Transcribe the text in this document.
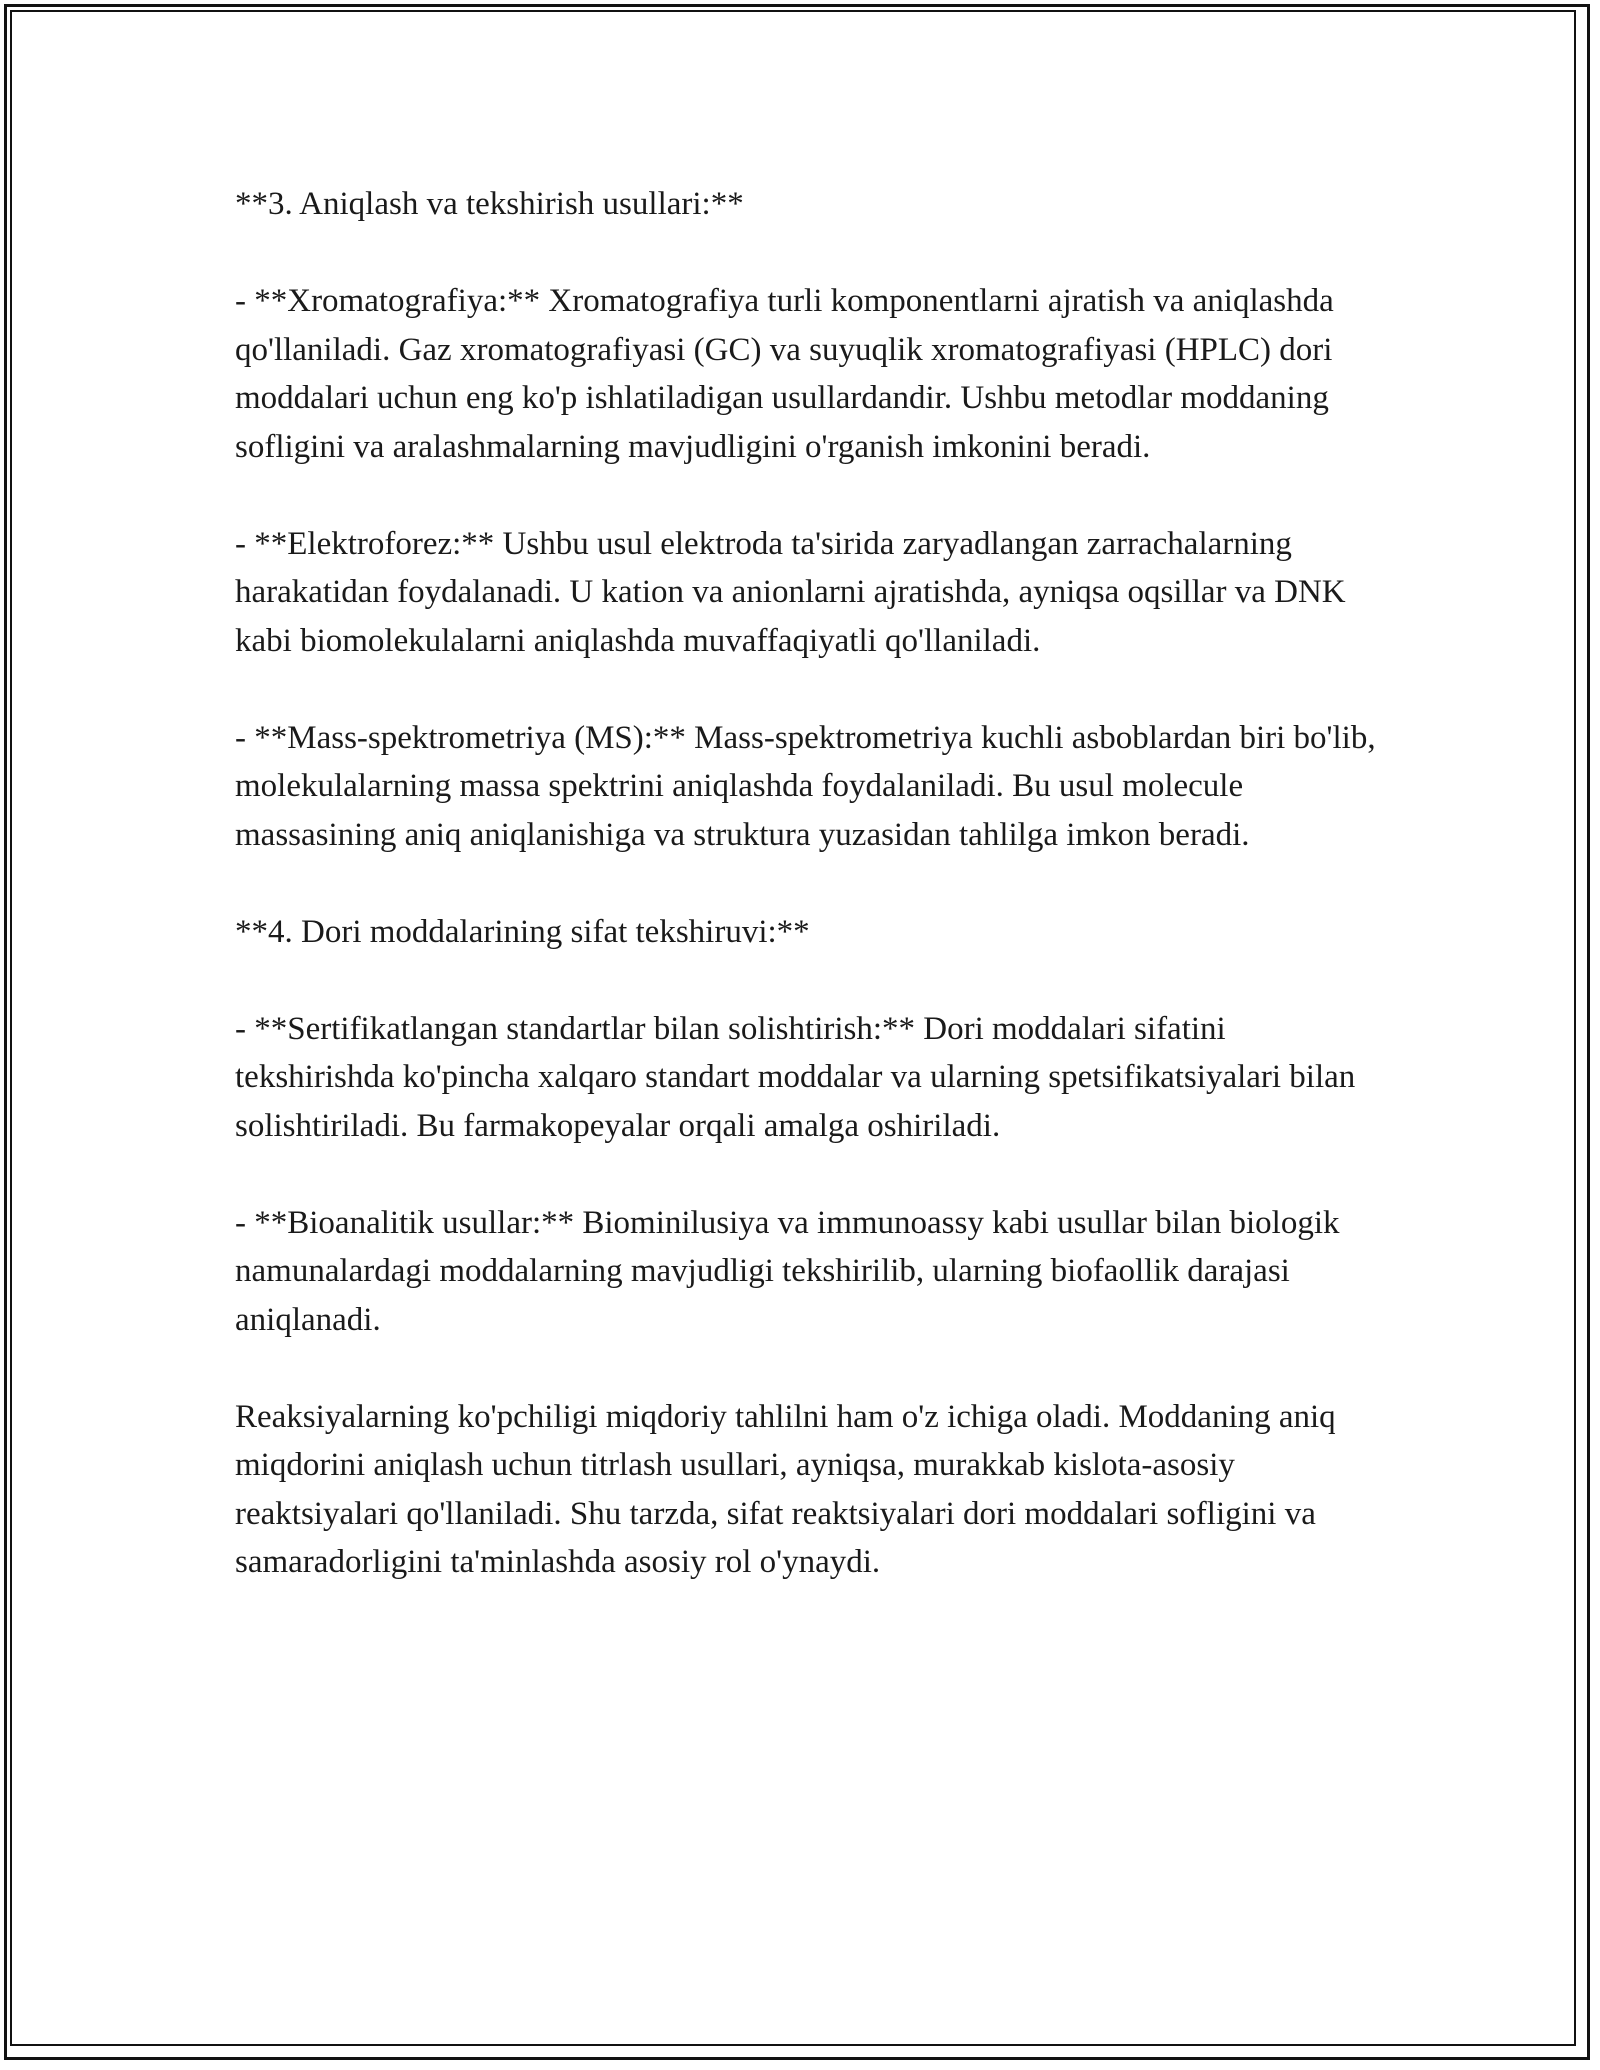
**3. Aniqlash va tekshirish usullari:**

- **Xromatografiya:** Xromatografiya turli komponentlarni ajratish va aniqlashda qo'llaniladi. Gaz xromatografiyasi (GC) va suyuqlik xromatografiyasi (HPLC) dori moddalari uchun eng ko'p ishlatiladigan usullardandir. Ushbu metodlar moddaning sofligini va aralashmalarning mavjudligini o'rganish imkonini beradi.

- **Elektroforez:** Ushbu usul elektroda ta'sirida zaryadlangan zarrachalarning harakatidan foydalanadi. U kation va anionlarni ajratishda, ayniqsa oqsillar va DNK kabi biomolekulalarni aniqlashda muvaffaqiyatli qo'llaniladi.

- **Mass-spektrometriya (MS):** Mass-spektrometriya kuchli asboblardan biri bo'lib, molekulalarning massa spektrini aniqlashda foydalaniladi. Bu usul molecule massasining aniq aniqlanishiga va struktura yuzasidan tahlilga imkon beradi.

**4. Dori moddalarining sifat tekshiruvi:**

- **Sertifikatlangan standartlar bilan solishtirish:** Dori moddalari sifatini tekshirishda ko'pincha xalqaro standart moddalar va ularning spetsifikatsiyalari bilan solishtiriladi. Bu farmakopeyalar orqali amalga oshiriladi.

- **Bioanalitik usullar:** Biominilusiya va immunoassy kabi usullar bilan biologik namunalardagi moddalarning mavjudligi tekshirilib, ularning biofaollik darajasi aniqlanadi.

Reaksiyalarning ko'pchiligi miqdoriy tahlilni ham o'z ichiga oladi. Moddaning aniq miqdorini aniqlash uchun titrlash usullari, ayniqsa, murakkab kislota-asosiy reaktsiyalari qo'llaniladi. Shu tarzda, sifat reaktsiyalari dori moddalari sofligini va samaradorligini ta'minlashda asosiy rol o'ynaydi.
